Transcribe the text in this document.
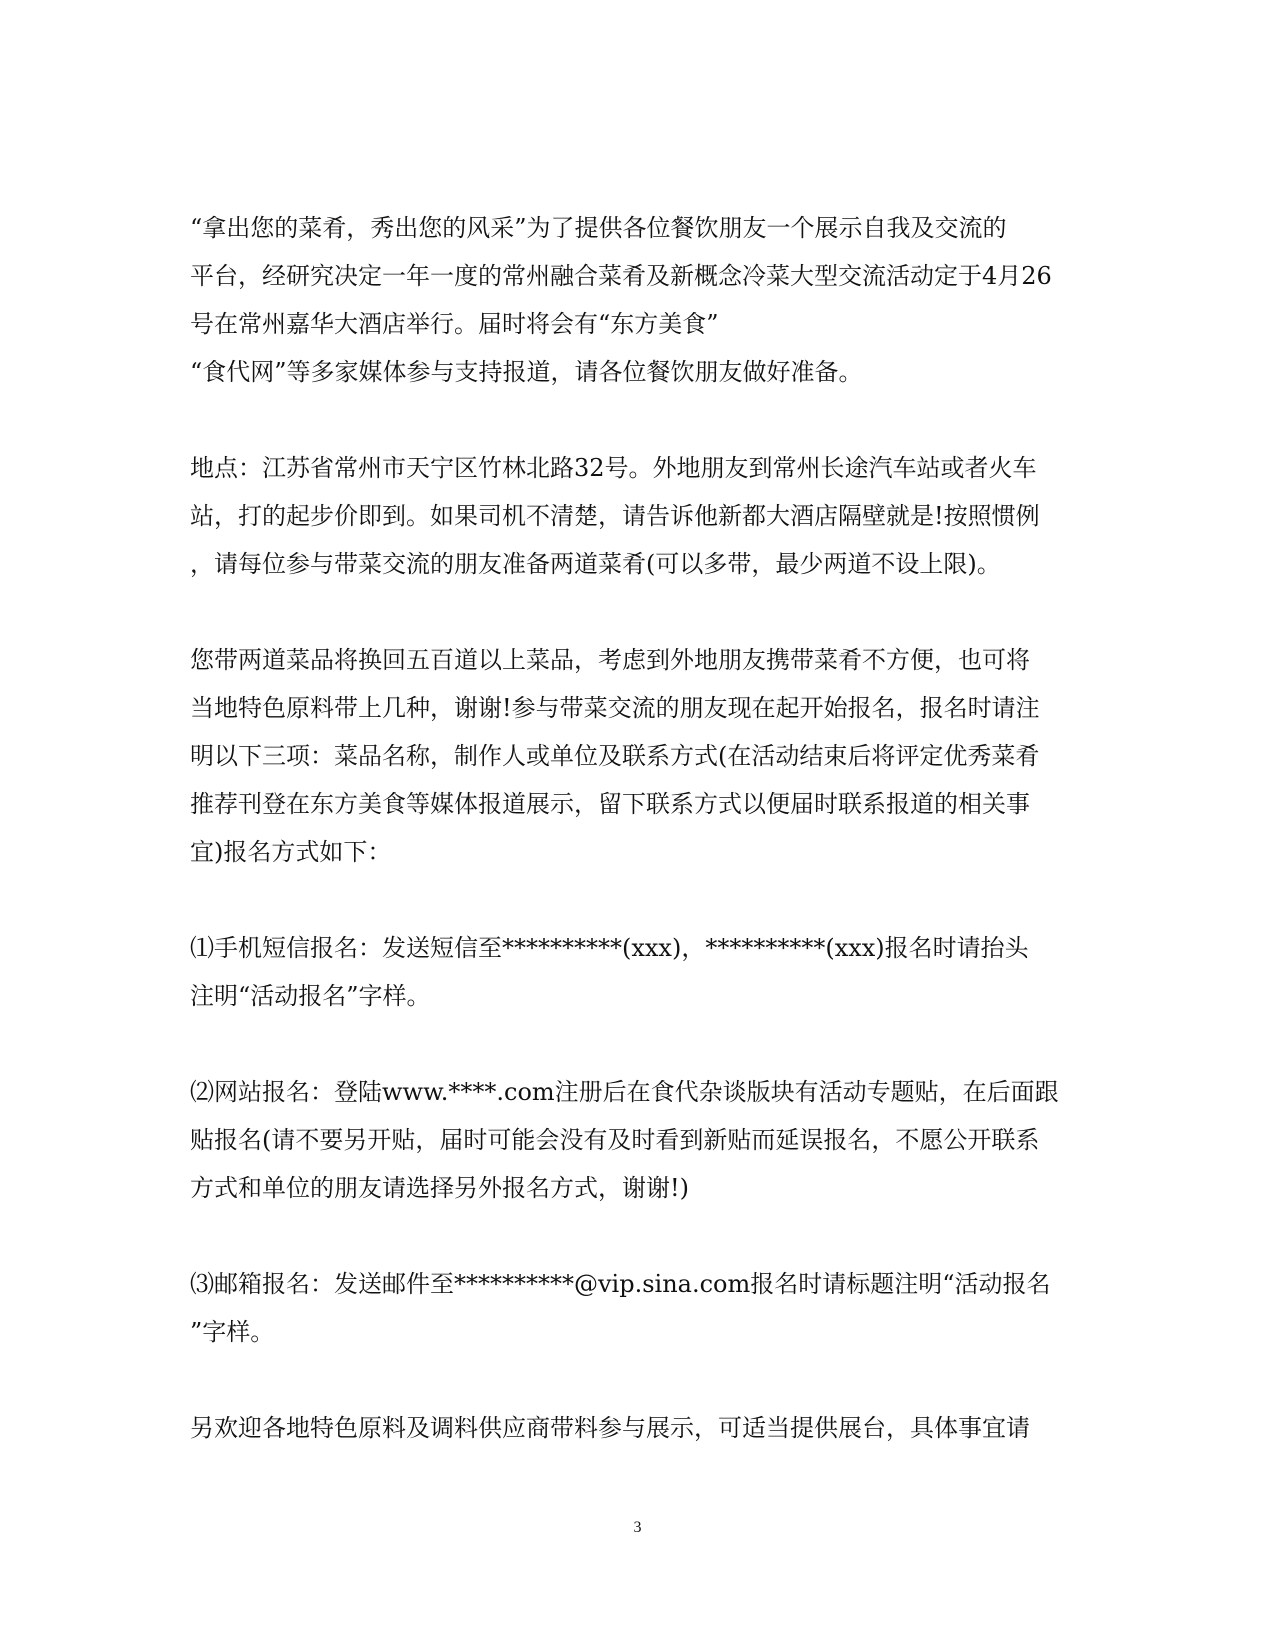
“拿出您的菜肴，秀出您的风采”为了提供各位餐饮朋友一个展示自我及交流的
平台，经研究决定一年一度的常州融合菜肴及新概念冷菜大型交流活动定于4月26
号在常州嘉华大酒店举行。届时将会有“东方美食”
“食代网”等多家媒体参与支持报道，请各位餐饮朋友做好准备。

地点：江苏省常州市天宁区竹林北路32号。外地朋友到常州长途汽车站或者火车
站，打的起步价即到。如果司机不清楚，请告诉他新都大酒店隔壁就是!按照惯例
，请每位参与带菜交流的朋友准备两道菜肴(可以多带，最少两道不设上限)。

您带两道菜品将换回五百道以上菜品，考虑到外地朋友携带菜肴不方便，也可将
当地特色原料带上几种，谢谢!参与带菜交流的朋友现在起开始报名，报名时请注
明以下三项：菜品名称，制作人或单位及联系方式(在活动结束后将评定优秀菜肴
推荐刊登在东方美食等媒体报道展示，留下联系方式以便届时联系报道的相关事
宜)报名方式如下：

⑴手机短信报名：发送短信至**********(xxx)，**********(xxx)报名时请抬头
注明“活动报名”字样。

⑵网站报名：登陆www.****.com注册后在食代杂谈版块有活动专题贴，在后面跟
贴报名(请不要另开贴，届时可能会没有及时看到新贴而延误报名，不愿公开联系
方式和单位的朋友请选择另外报名方式，谢谢!)

⑶邮箱报名：发送邮件至**********@vip.sina.com报名时请标题注明“活动报名
”字样。

另欢迎各地特色原料及调料供应商带料参与展示，可适当提供展台，具体事宜请

3
